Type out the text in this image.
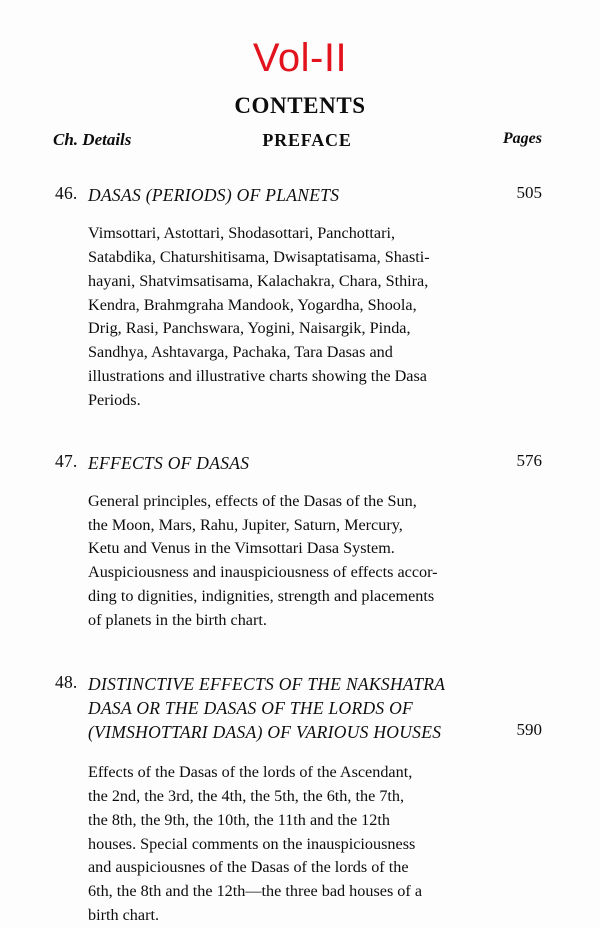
Vol-II
CONTENTS
Ch. Details	PREFACE	Pages
46. DASAS (PERIODS) OF PLANETS	505
Vimsottari, Astottari, Shodasottari, Panchottari,
Satabdika, Chaturshitisama, Dwisaptatisama, Shasti-
hayani, Shatvimsatisama, Kalachakra, Chara, Sthira,
Kendra, Brahmgraha Mandook, Yogardha, Shoola,
Drig, Rasi, Panchswara, Yogini, Naisargik, Pinda,
Sandhya, Ashtavarga, Pachaka, Tara Dasas and
illustrations and illustrative charts showing the Dasa
Periods.
47. EFFECTS OF DASAS	576
General principles, effects of the Dasas of the Sun,
the Moon, Mars, Rahu, Jupiter, Saturn, Mercury,
Ketu and Venus in the Vimsottari Dasa System.
Auspiciousness and inauspiciousness of effects accor-
ding to dignities, indignities, strength and placements
of planets in the birth chart.
48. DISTINCTIVE EFFECTS OF THE NAKSHATRA
DASA OR THE DASAS OF THE LORDS OF
(VIMSHOTTARI DASA) OF VARIOUS HOUSES	590
Effects of the Dasas of the lords of the Ascendant,
the 2nd, the 3rd, the 4th, the 5th, the 6th, the 7th,
the 8th, the 9th, the 10th, the 11th and the 12th
houses. Special comments on the inauspiciousness
and auspiciousnes of the Dasas of the lords of the
6th, the 8th and the 12th—the three bad houses of a
birth chart.
